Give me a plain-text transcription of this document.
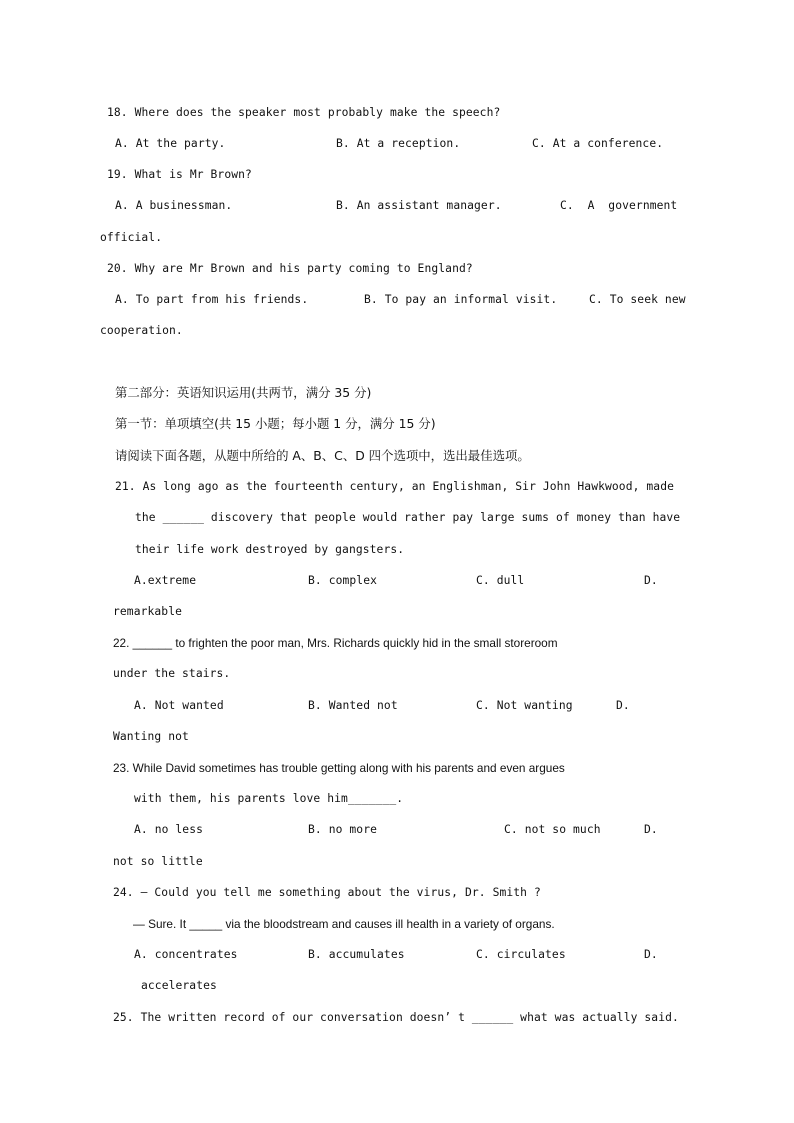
18. Where does the speaker most probably make the speech?
A. At the party.	B. At a reception.	C. At a conference.
19. What is Mr Brown?
A. A businessman.	B. An assistant manager.	C.  A  government
official.
20. Why are Mr Brown and his party coming to England?
A. To part from his friends.	B. To pay an informal visit.	C. To seek new
cooperation.
第二部分：英语知识运用(共两节，满分 35 分)
第一节：单项填空(共 15 小题；每小题 1 分，满分 15 分)
请阅读下面各题，从题中所给的 A、B、C、D 四个选项中，选出最佳选项。
21. As long ago as the fourteenth century, an Englishman, Sir John Hawkwood, made
the ______ discovery that people would rather pay large sums of money than have
their life work destroyed by gangsters.
A.extreme	B. complex	C. dull	D.
remarkable
22. ______ to frighten the poor man, Mrs. Richards quickly hid in the small storeroom
under the stairs.
A. Not wanted	B. Wanted not	C. Not wanting	D.
Wanting not
23. While David sometimes has trouble getting along with his parents and even argues
with them, his parents love him_______.
A. no less	B. no more	C. not so much	D.
not so little
24. — Could you tell me something about the virus, Dr. Smith ?
— Sure. It _____ via the bloodstream and causes ill health in a variety of organs.
A. concentrates	B. accumulates	C. circulates	D.
accelerates
25. The written record of our conversation doesn’ t ______ what was actually said.
